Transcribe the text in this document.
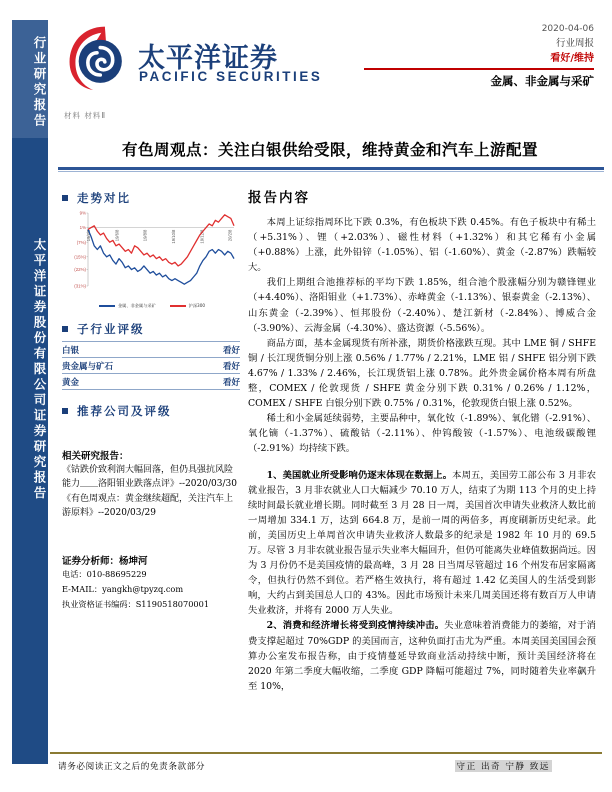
行业研究报告
太平洋证券股份有限公司证券研究报告
太平洋证券
PACIFIC SECURITIES
2020-04-06
行业周报
看好/维持
金属、非金属与采矿
材料 材料Ⅱ
有色周观点：关注白银供给受限，维持黄金和汽车上游配置
走势对比
9%
1%
(7%)
(15%)
(22%)
(31%)
19/4/8	19/6/8	19/8/8	19/10/8	19/12/8	20/2/8
金属、非金属与采矿	沪深300
子行业评级
白银	看好
贵金属与矿石	看好
黄金	看好
推荐公司及评级
相关研究报告：
《钴跌价致利润大幅回落，但仍具强抗风险能力＿＿洛阳钼业跌落点评》--2020/03/30
《有色周观点：黄金继续超配，关注汽车上游原料》--2020/03/29
证券分析师：杨坤河
电话：010-88695229
E-MAIL：yangkh@tpyzq.com
执业资格证书编码：S1190518070001
报告内容

本周上证综指周环比下跌 0.3%，有色板块下跌 0.45%。有色子板块中有稀土（+5.31%）、锂（+2.03%）、磁性材料（+1.32%）和其它稀有小金属（+0.88%）上涨，此外铅锌（-1.05%）、铝（-1.60%）、黄金（-2.87%）跌幅较大。

我们上期组合池推荐标的平均下跌 1.85%，组合池个股涨幅分别为赣锋锂业（+4.40%）、洛阳钼业（+1.73%）、赤峰黄金（-1.13%）、银泰黄金（-2.13%）、山东黄金（-2.39%）、恒邦股份（-2.40%）、楚江新材（-2.84%）、博威合金（-3.90%）、云海金属（-4.30%）、盛达资源（-5.56%）。

商品方面，基本金属现货有所补涨，期货价格涨跌互现。其中 LME 铜 / SHFE 铜 / 长江现货铜分别上涨 0.56% / 1.77% / 2.21%，LME 铝 / SHFE 铝分别下跌 4.67% / 1.33% / 2.46%，长江现货铝上涨 0.78%。此外贵金属价格本周有所盘整，COMEX / 伦敦现货 / SHFE 黄金分别下跌 0.31% / 0.26% / 1.12%，COMEX / SHFE 白银分别下跌 0.75% / 0.31%，伦敦现货白银上涨 0.52%。

稀土和小金属延续弱势，主要品种中，氧化钕（-1.89%）、氧化镨（-2.91%）、氧化镝（-1.37%）、硫酸钴（-2.11%）、仲钨酸铵（-1.57%）、电池级碳酸锂（-2.91%）均持续下跌。

1、美国就业所受影响仍逐末体现在数据上。本周五，美国劳工部公布 3 月非农就业报告，3 月非农就业人口大幅减少 70.10 万人，结束了为期 113 个月的史上持续时间最长就业增长期。同时截至 3 月 28 日一周，美国首次申请失业救济人数比前一周增加 334.1 万，达到 664.8 万，是前一周的两倍多，再度刷新历史纪录。此前，美国历史上单周首次申请失业救济人数最多的纪录是 1982 年 10 月的 69.5 万。尽管 3 月非农就业报告显示失业率大幅回升，但仍可能离失业峰值数据尚远。因为 3 月份仍不是美国疫情的最高峰，3 月 28 日当周尽管超过 16 个州发布居家隔离令，但执行仍然不到位。若严格生效执行，将有超过 1.42 亿美国人的生活受到影响，大约占到美国总人口的 43%。因此市场预计未来几周美国还将有数百万人申请失业救济，并将有 2000 万人失业。

2、消费和经济增长将受到疫情持续冲击。失业意味着消费能力的萎缩，对于消费支撑起超过 70%GDP 的美国而言，这种负面打击尤为严重。本周美国美国国会预算办公室发布报告称，由于疫情蔓延导致商业活动持续中断，预计美国经济将在 2020 年第二季度大幅收缩，二季度 GDP 降幅可能超过 7%，同时随着失业率飙升至 10%，

请务必阅读正文之后的免责条款部分	守正 出奇 宁静 致远
